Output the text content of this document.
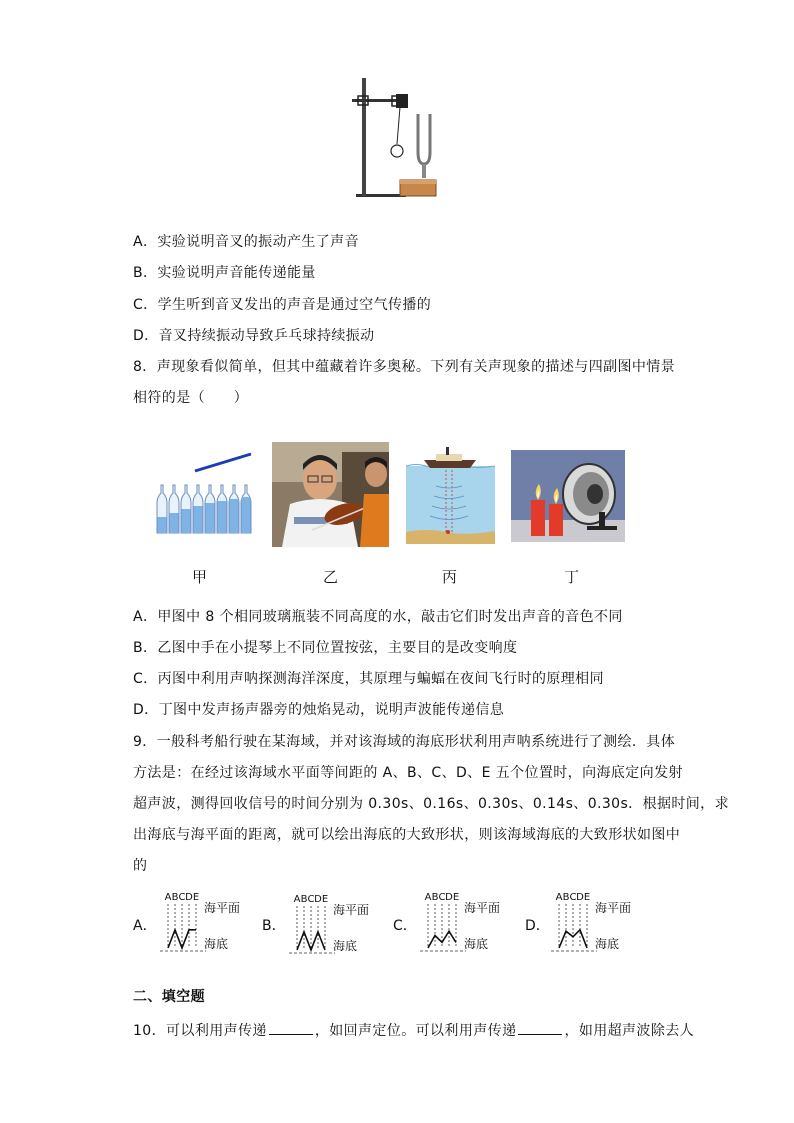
A．实验说明音叉的振动产生了声音
B．实验说明声音能传递能量
C．学生听到音叉发出的声音是通过空气传播的
D．音叉持续振动导致乒乓球持续振动
8．声现象看似简单，但其中蕴藏着许多奥秘。下列有关声现象的描述与四副图中情景
相符的是（　　）
甲	乙	丙	丁
A．甲图中 8 个相同玻璃瓶装不同高度的水，敲击它们时发出声音的音色不同
B．乙图中手在小提琴上不同位置按弦，主要目的是改变响度
C．丙图中利用声呐探测海洋深度，其原理与蝙蝠在夜间飞行时的原理相同
D．丁图中发声扬声器旁的烛焰晃动，说明声波能传递信息
9．一般科考船行驶在某海域，并对该海域的海底形状利用声呐系统进行了测绘．具体
方法是：在经过该海域水平面等间距的 A、B、C、D、E 五个位置时，向海底定向发射
超声波，测得回收信号的时间分别为 0.30s、0.16s、0.30s、0.14s、0.30s．根据时间，求
出海底与海平面的距离，就可以绘出海底的大致形状，则该海域海底的大致形状如图中
的
A．	B．	C．	D．
A B C D E
海平面
海底
A B C D E
海平面
海底
A B C D E
海平面
海底
A B C D E
海平面
海底
二、填空题
10．可以利用声传递	，如回声定位。可以利用声传递	，如用超声波除去人
